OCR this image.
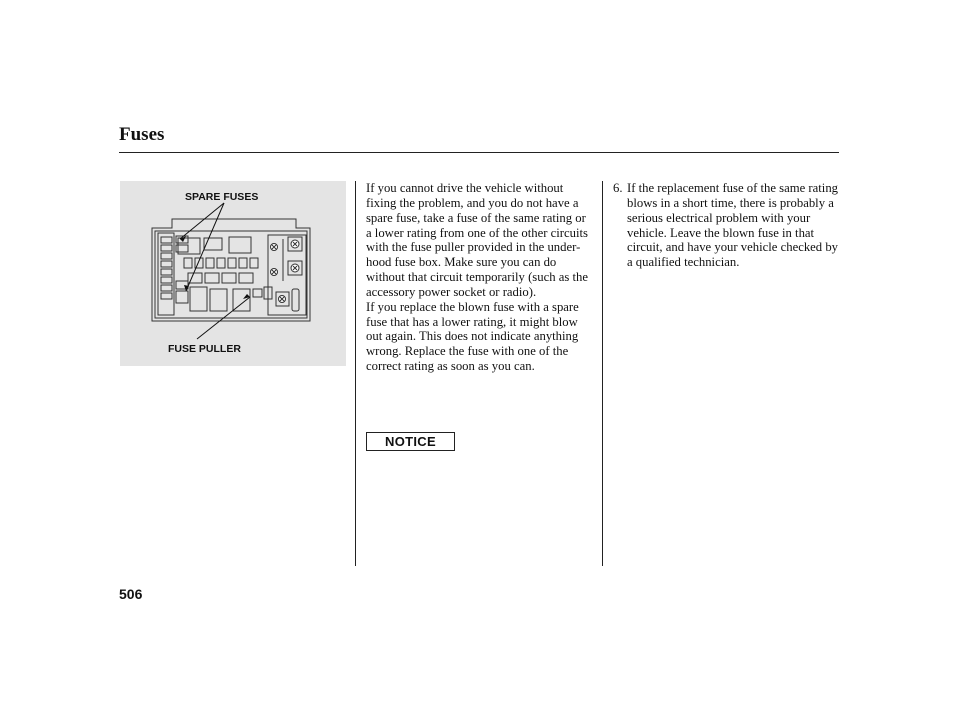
Fuses
SPARE FUSES
FUSE PULLER

If you cannot drive the vehicle without fixing the problem, and you do not have a spare fuse, take a fuse of the same rating or a lower rating from one of the other circuits with the fuse puller provided in the under-hood fuse box. Make sure you can do without that circuit temporarily (such as the accessory power socket or radio).

If you replace the blown fuse with a spare fuse that has a lower rating, it might blow out again. This does not indicate anything wrong. Replace the fuse with one of the correct rating as soon as you can.

NOTICE
6. If the replacement fuse of the same rating blows in a short time, there is probably a serious electrical problem with your vehicle. Leave the blown fuse in that circuit, and have your vehicle checked by a qualified technician.
506
